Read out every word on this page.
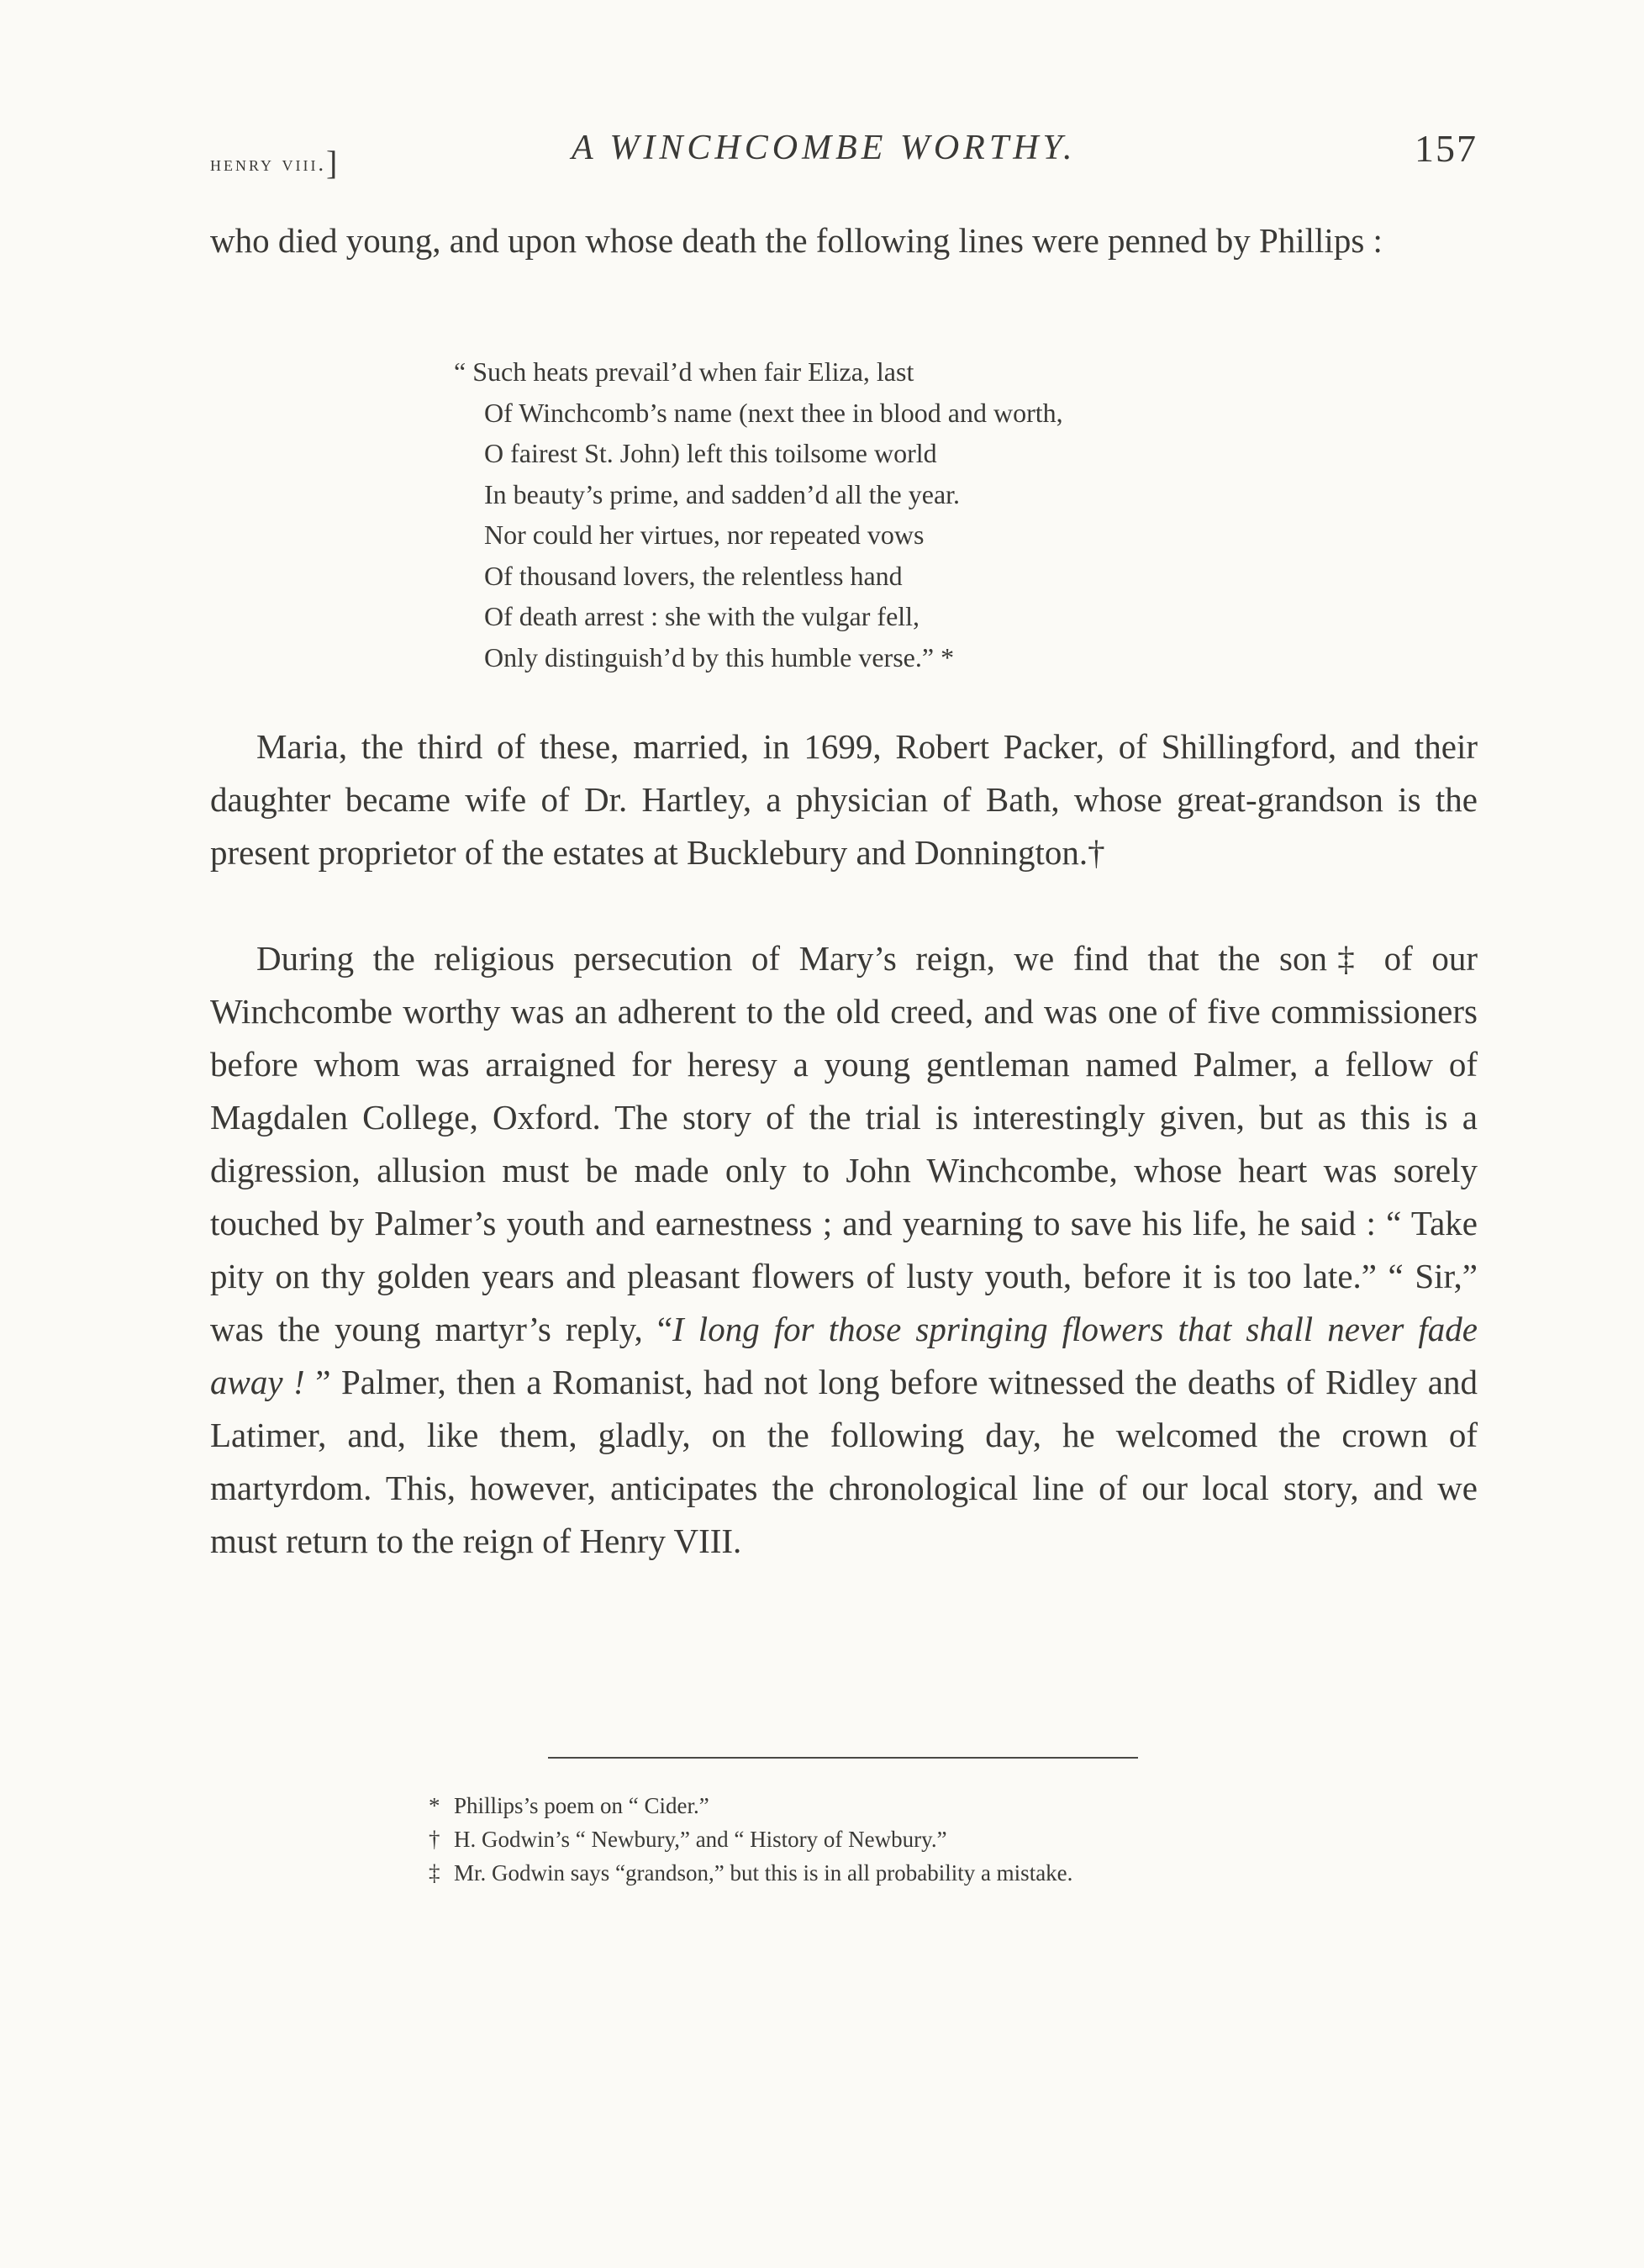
henry viii.]	A WINCHCOMBE WORTHY.	157
who died young, and upon whose death the following lines were penned by Phillips :
“ Such heats prevail’d when fair Eliza, last
Of Winchcomb’s name (next thee in blood and worth,
O fairest St. John) left this toilsome world
In beauty’s prime, and sadden’d all the year.
Nor could her virtues, nor repeated vows
Of thousand lovers, the relentless hand
Of death arrest : she with the vulgar fell,
Only distinguish’d by this humble verse.” *
Maria, the third of these, married, in 1699, Robert Packer, of Shillingford, and their daughter became wife of Dr. Hartley, a physician of Bath, whose great-grandson is the present proprietor of the estates at Bucklebury and Donnington.†
During the religious persecution of Mary’s reign, we find that the son‡ of our Winchcombe worthy was an adherent to the old creed, and was one of five commissioners before whom was arraigned for heresy a young gentleman named Palmer, a fellow of Magdalen College, Oxford. The story of the trial is interestingly given, but as this is a digression, allusion must be made only to John Winchcombe, whose heart was sorely touched by Palmer’s youth and earnestness ; and yearning to save his life, he said : “ Take pity on thy golden years and pleasant flowers of lusty youth, before it is too late.” “ Sir,” was the young martyr’s reply, “I long for those springing flowers that shall never fade away ! ” Palmer, then a Romanist, had not long before witnessed the deaths of Ridley and Latimer, and, like them, gladly, on the following day, he welcomed the crown of martyrdom. This, however, anticipates the chronological line of our local story, and we must return to the reign of Henry VIII.
* Phillips’s poem on “ Cider.”
† H. Godwin’s “ Newbury,” and “ History of Newbury.”
‡ Mr. Godwin says “grandson,” but this is in all probability a mistake.
